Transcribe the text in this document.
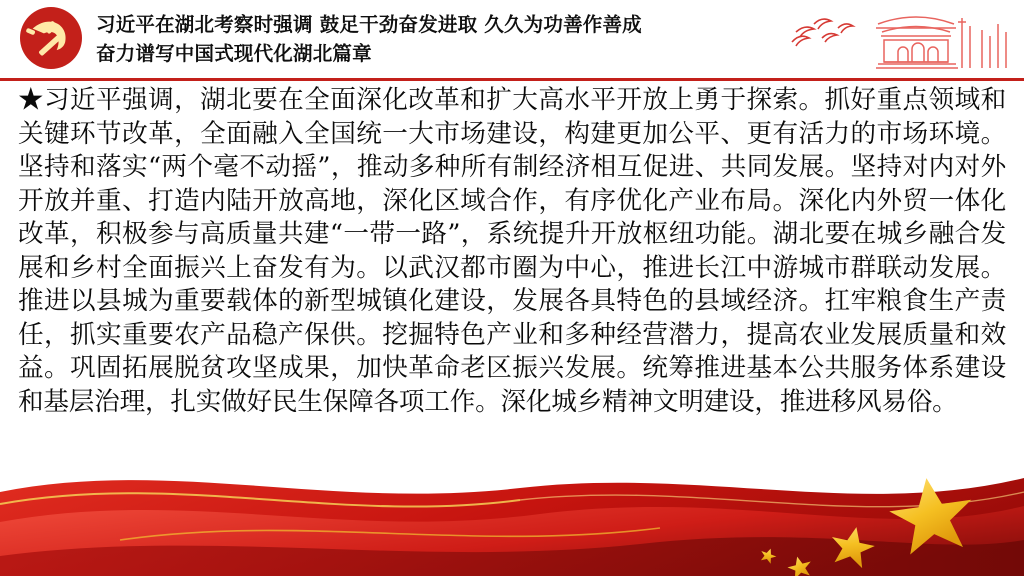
习近平在湖北考察时强调 鼓足干劲奋发进取 久久为功善作善成
奋力谱写中国式现代化湖北篇章

★习近平强调，湖北要在全面深化改革和扩大高水平开放上勇于探索。抓好重点领域和关键环节改革，全面融入全国统一大市场建设，构建更加公平、更有活力的市场环境。坚持和落实“两个毫不动摇”，推动多种所有制经济相互促进、共同发展。坚持对内对外开放并重、打造内陆开放高地，深化区域合作，有序优化产业布局。深化内外贸一体化改革，积极参与高质量共建“一带一路”，系统提升开放枢纽功能。湖北要在城乡融合发展和乡村全面振兴上奋发有为。以武汉都市圈为中心，推进长江中游城市群联动发展。推进以县城为重要载体的新型城镇化建设，发展各具特色的县域经济。扛牢粮食生产责任，抓实重要农产品稳产保供。挖掘特色产业和多种经营潜力，提高农业发展质量和效益。巩固拓展脱贫攻坚成果，加快革命老区振兴发展。统筹推进基本公共服务体系建设和基层治理，扎实做好民生保障各项工作。深化城乡精神文明建设，推进移风易俗。
